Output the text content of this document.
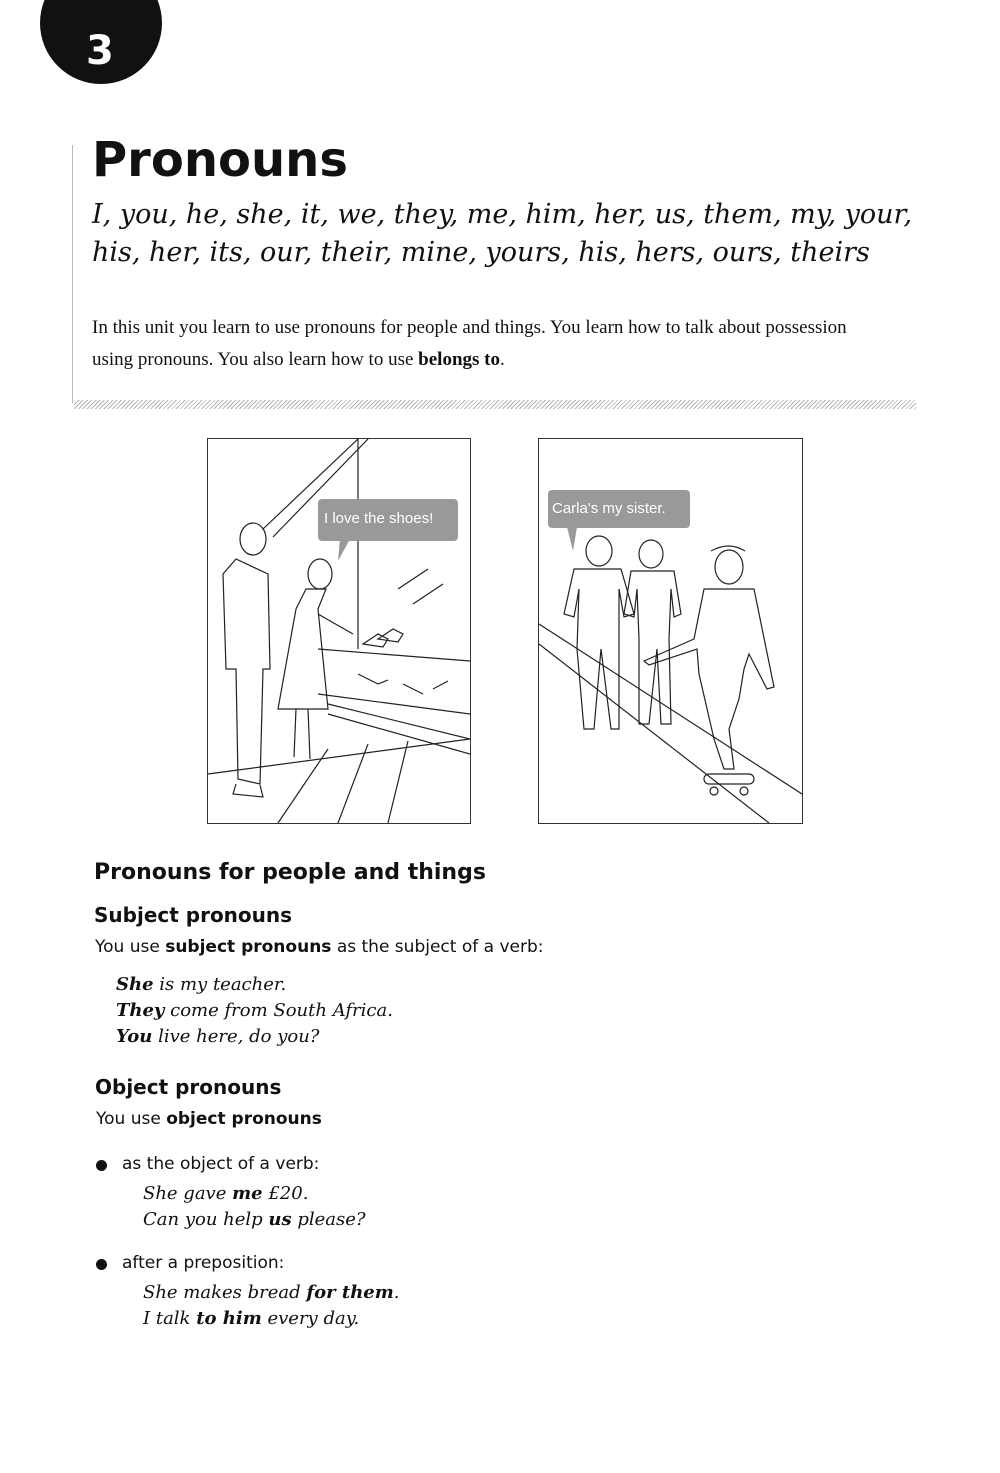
3
Pronouns

I, you, he, she, it, we, they, me, him, her, us, them, my, your, his, her, its, our, their, mine, yours, his, hers, ours, theirs

In this unit you learn to use pronouns for people and things. You learn how to talk about possession using pronouns. You also learn how to use belongs to.

I love the shoes!
Carla's my sister.
Pronouns for people and things
Subject pronouns

You use subject pronouns as the subject of a verb:

She is my teacher.

They come from South Africa.

You live here, do you?

Object pronouns

You use object pronouns

as the object of a verb:

She gave me £20.

Can you help us please?

after a preposition:

She makes bread for them.

I talk to him every day.
